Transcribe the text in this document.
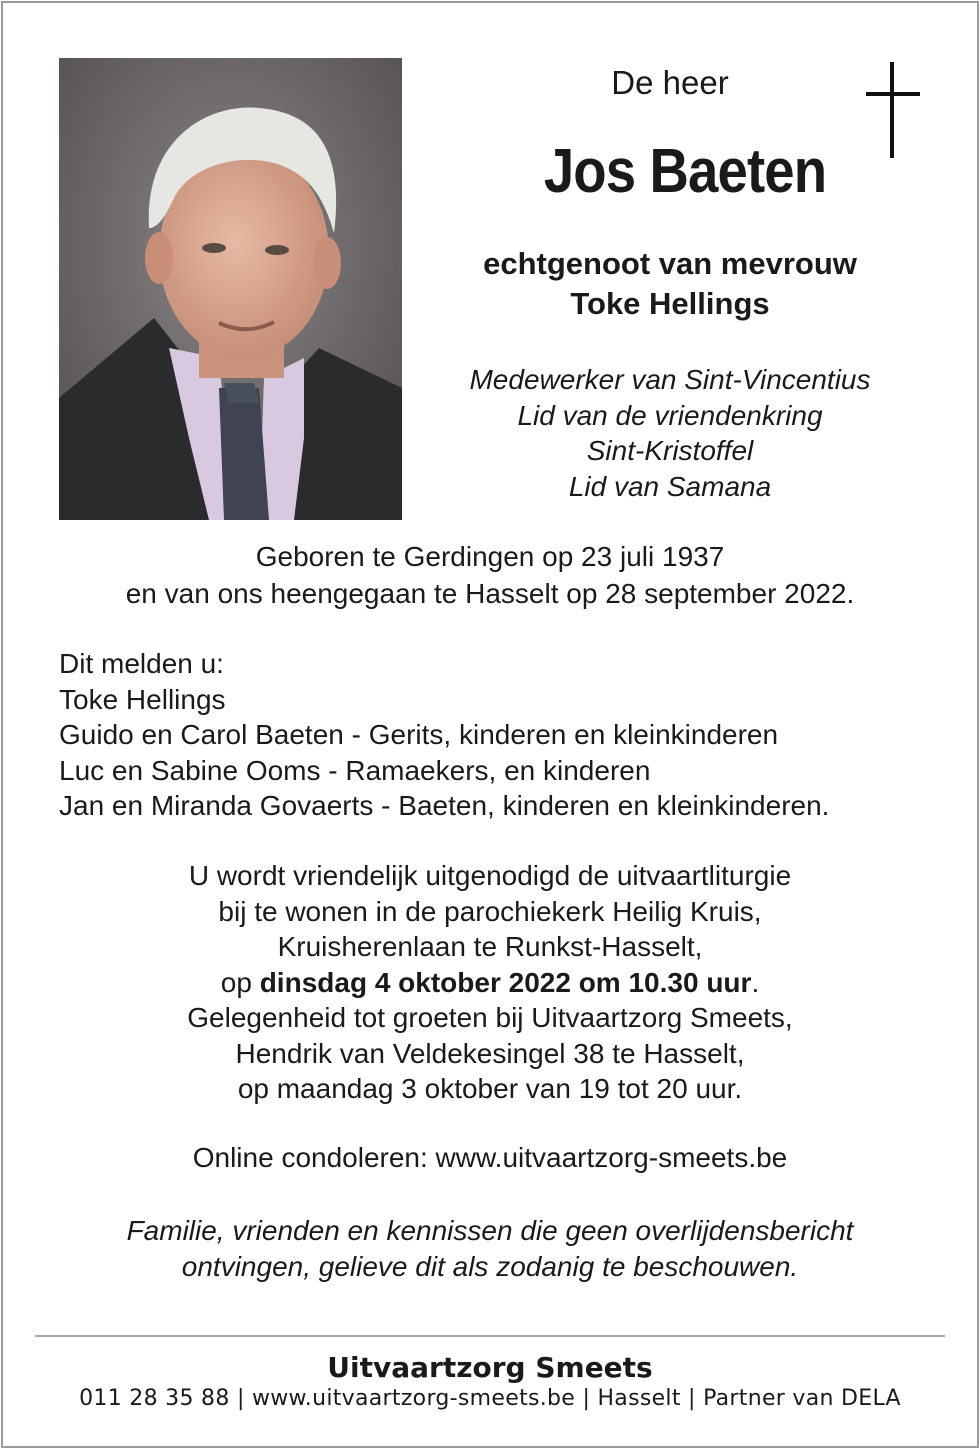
De heer
Jos Baeten
echtgenoot van mevrouw
Toke Hellings
Medewerker van Sint-Vincentius
Lid van de vriendenkring
Sint-Kristoffel
Lid van Samana
Geboren te Gerdingen op 23 juli 1937
en van ons heengegaan te Hasselt op 28 september 2022.
Dit melden u:
Toke Hellings
Guido en Carol Baeten - Gerits, kinderen en kleinkinderen
Luc en Sabine Ooms - Ramaekers, en kinderen
Jan en Miranda Govaerts - Baeten, kinderen en kleinkinderen.
U wordt vriendelijk uitgenodigd de uitvaartliturgie
bij te wonen in de parochiekerk Heilig Kruis,
Kruisherenlaan te Runkst-Hasselt,
op dinsdag 4 oktober 2022 om 10.30 uur.
Gelegenheid tot groeten bij Uitvaartzorg Smeets,
Hendrik van Veldekesingel 38 te Hasselt,
op maandag 3 oktober van 19 tot 20 uur.
Online condoleren: www.uitvaartzorg-smeets.be
Familie, vrienden en kennissen die geen overlijdensbericht
ontvingen, gelieve dit als zodanig te beschouwen.
Uitvaartzorg Smeets
011 28 35 88 | www.uitvaartzorg-smeets.be | Hasselt | Partner van DELA
